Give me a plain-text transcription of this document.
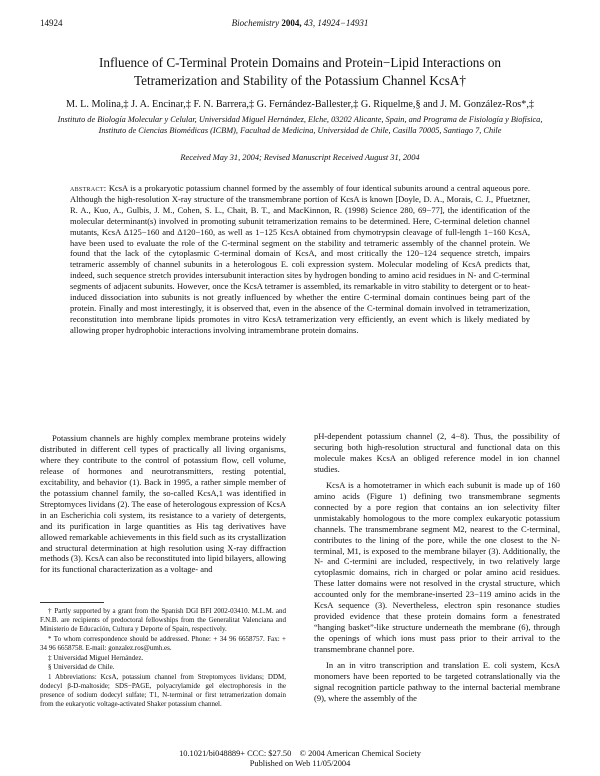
14924	Biochemistry 2004, 43, 14924−14931
Influence of C-Terminal Protein Domains and Protein−Lipid Interactions on Tetramerization and Stability of the Potassium Channel KcsA†
M. L. Molina,‡ J. A. Encinar,‡ F. N. Barrera,‡ G. Fernández-Ballester,‡ G. Riquelme,§ and J. M. González-Ros*,‡
Instituto de Biología Molecular y Celular, Universidad Miguel Hernández, Elche, 03202 Alicante, Spain, and Programa de Fisiología y Biofísica, Instituto de Ciencias Biomédicas (ICBM), Facultad de Medicina, Universidad de Chile, Casilla 70005, Santiago 7, Chile
Received May 31, 2004; Revised Manuscript Received August 31, 2004

abstract: KcsA is a prokaryotic potassium channel formed by the assembly of four identical subunits around a central aqueous pore. Although the high-resolution X-ray structure of the transmembrane portion of KcsA is known [Doyle, D. A., Morais, C. J., Pfuetzner, R. A., Kuo, A., Gulbis, J. M., Cohen, S. L., Chait, B. T., and MacKinnon, R. (1998) Science 280, 69−77], the identification of the molecular determinant(s) involved in promoting subunit tetramerization remains to be determined. Here, C-terminal deletion channel mutants, KcsA Δ125−160 and Δ120−160, as well as 1−125 KcsA obtained from chymotrypsin cleavage of full-length 1−160 KcsA, have been used to evaluate the role of the C-terminal segment on the stability and tetrameric assembly of the channel protein. We found that the lack of the cytoplasmic C-terminal domain of KcsA, and most critically the 120−124 sequence stretch, impairs tetrameric assembly of channel subunits in a heterologous E. coli expression system. Molecular modeling of KcsA predicts that, indeed, such sequence stretch provides intersubunit interaction sites by hydrogen bonding to amino acid residues in N- and C-terminal segments of adjacent subunits. However, once the KcsA tetramer is assembled, its remarkable in vitro stability to detergent or to heat-induced dissociation into subunits is not greatly influenced by whether the entire C-terminal domain continues being part of the protein. Finally and most interestingly, it is observed that, even in the absence of the C-terminal domain involved in tetramerization, reconstitution into membrane lipids promotes in vitro KcsA tetramerization very efficiently, an event which is likely mediated by allowing proper hydrophobic interactions involving intramembrane protein domains.

Potassium channels are highly complex membrane proteins widely distributed in different cell types of practically all living organisms, where they contribute to the control of potassium flow, cell volume, release of hormones and neurotransmitters, resting potential, excitability, and behavior (1). Back in 1995, a rather simple member of the potassium channel family, the so-called KcsA,1 was identified in Streptomyces lividans (2). The ease of heterologous expression of KcsA in an Escherichia coli system, its resistance to a variety of detergents, and its purification in large quantities as His tag derivatives have allowed remarkable achievements in this field such as its crystallization and structural determination at high resolution using X-ray diffraction methods (3). KcsA can also be reconstituted into lipid bilayers, allowing for its functional characterization as a voltage- and

† Partly supported by a grant from the Spanish DGI BFI 2002-03410. M.L.M. and F.N.B. are recipients of predoctoral fellowships from the Generalitat Valenciana and Ministerio de Educación, Cultura y Deporte of Spain, respectively.

* To whom correspondence should be addressed. Phone: + 34 96 6658757. Fax: + 34 96 6658758. E-mail: gonzalez.ros@umh.es.

‡ Universidad Miguel Hernández.

§ Universidad de Chile.

1 Abbreviations: KcsA, potassium channel from Streptomyces lividans; DDM, dodecyl β-D-maltoside; SDS−PAGE, polyacrylamide gel electrophoresis in the presence of sodium dodecyl sulfate; T1, N-terminal or first tetramerization domain from the eukaryotic voltage-activated Shaker potassium channel.

pH-dependent potassium channel (2, 4−8). Thus, the possibility of securing both high-resolution structural and functional data on this molecule makes KcsA an obliged reference model in ion channel studies.

KcsA is a homotetramer in which each subunit is made up of 160 amino acids (Figure 1) defining two transmembrane segments connected by a pore region that contains an ion selectivity filter unmistakably homologous to the more complex eukaryotic potassium channels. The transmembrane segment M2, nearest to the C-terminal, contributes to the lining of the pore, while the one closest to the N-terminal, M1, is exposed to the membrane bilayer (3). Additionally, the N- and C-termini are included, respectively, in two relatively large cytoplasmic domains, rich in charged or polar amino acid residues. These latter domains were not resolved in the crystal structure, which accounted only for the membrane-inserted 23−119 amino acids in the KcsA sequence (3). Nevertheless, electron spin resonance studies provided evidence that these protein domains form a fenestrated “hanging basket”-like structure underneath the membrane (6), through the openings of which ions must pass prior to their arrival to the transmembrane channel pore.

In an in vitro transcription and translation E. coli system, KcsA monomers have been reported to be targeted cotranslationally via the signal recognition particle pathway to the internal bacterial membrane (9), where the assembly of the

10.1021/bi048889+ CCC: $27.50    © 2004 American Chemical Society
Published on Web 11/05/2004
